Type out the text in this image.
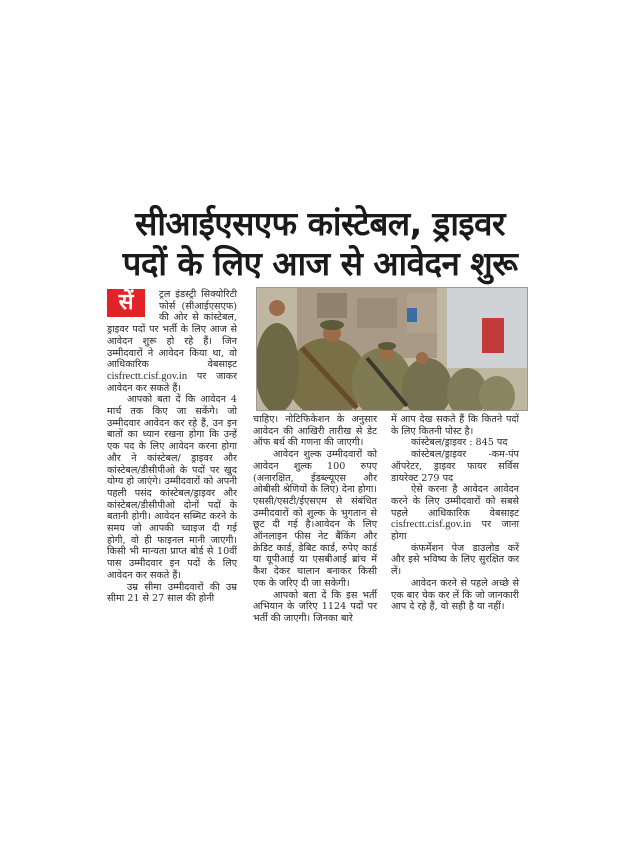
सीआईएसएफ कांस्टेबल, ड्राइवर
पदों के लिए आज से आवेदन शुरू
सें	ट्रल इंडस्ट्री सिक्योरिटी फोर्स (सीआईएसएफ) की ओर से कांस्टेबल, ड्राइवर पदों पर भर्ती के लिए आज से आवेदन शुरू हो रहे हैं। जिन उम्मीदवारों ने आवेदन किया था, वो आधिकारिक वेबसाइट cisfrectt.cisf.gov.in पर जाकर आवेदन कर सकते हैं।

आपको बता दें कि आवेदन 4 मार्च तक किए जा सकेंगे। जो उम्मीदवार आवेदन कर रहे हैं, उन इन बातों का ध्यान रखना होगा कि उन्हें एक पद के लिए आवेदन करना होगा और ने कांस्टेबल/ ड्राइवर और कांस्टेबल/डीसीपीओ के पदों पर खुद योग्य हो जाएंगे। उम्मीदवारों को अपनी पहली पसंद कांस्टेबल/ड्राइवर और कांस्टेबल/डीसीपीओ दोनों पदों के बतानी होगी। आवेदन सब्मिट करने के समय जो आपकी च्वाइज दी गई होगी, वो ही फाइनल मानी जाएगी। किसी भी मान्यता प्राप्त बोर्ड से 10वीं पास उम्मीदवार इन पदों के लिए आवेदन कर सकते हैं।

उम्र सीमा उम्मीदवारों की उम्र सीमा 21 से 27 साल की होनी

चाहिए। नोटिफिकेशन के अनुसार आवेदन की आखिरी तारीख से डेट ऑफ बर्थ की गणना की जाएगी।

आवेदन शुल्क उम्मीदवारों को आवेदन शुल्क 100 रुपए (अनारक्षित, ईडब्ल्यूएस और ओबीसी श्रेणियों के लिए) देना होगा। एससी/एसटी/ईएसएम से संबंधित उम्मीदवारों को शुल्क के भुगतान से छूट दी गई है।आवेदन के लिए ऑनलाइन फीस नेट बैंकिंग और क्रेडिट कार्ड, डेबिट कार्ड, रुपेए कार्ड या यूपीआई या एसबीआई ब्रांच में कैश देकर चालान बनाकर किसी एक के जरिए दी जा सकेगी।

आपको बता दें कि इस भर्ती अभियान के जरिए 1124 पदों पर भर्ती की जाएगी। जिनका बारे

में आप देख सकते हैं कि कितने पदों के लिए कितनी पोस्ट है।

कांस्टेबल/ड्राइवर : 845 पद

कांस्टेबल/ड्राइवर -कम-पंप ऑपरेटर, ड्राइवर फायर सर्विस डायरेक्ट 279 पद

ऐसे करना है आवेदन आवेदन करने के लिए उम्मीदवारों को सबसे पहले आधिकारिक वेबसाइट cisfrectt.cisf.gov.in पर जाना होगा

कंफर्मेशन पेज डाउलोड करें और इसे भविष्य के लिए सुरक्षित कर लें।

आवेदन करने से पहले अच्छे से एक बार चेक कर लें कि जो जानकारी आप दे रहे हैं, वो सही है या नहीं।
